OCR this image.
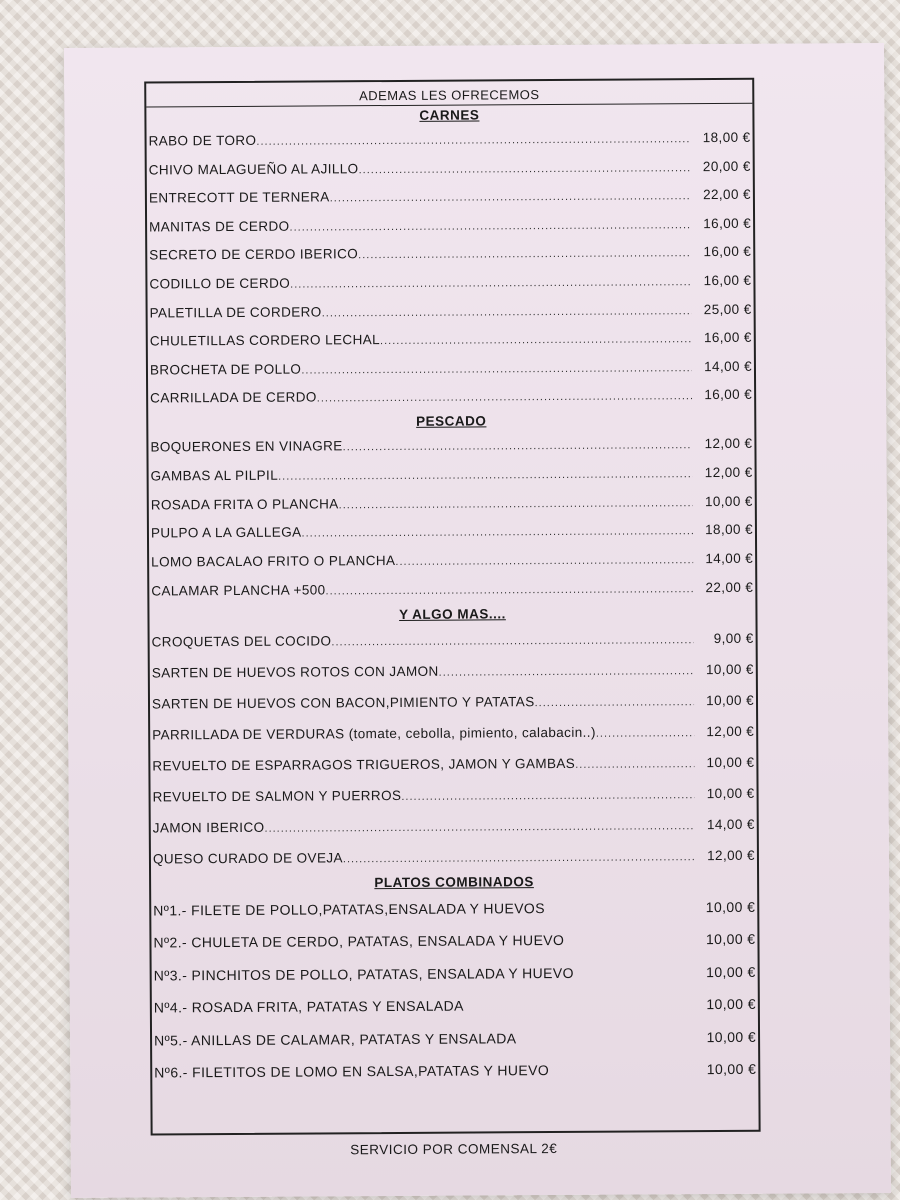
ADEMAS LES OFRECEMOS
CARNES
RABO DE TORO .....	18,00 €
CHIVO MALAGUEÑO AL AJILLO .....	20,00 €
ENTRECOTT DE TERNERA .....	22,00 €
MANITAS DE CERDO .....	16,00 €
SECRETO DE CERDO IBERICO .....	16,00 €
CODILLO DE CERDO .....	16,00 €
PALETILLA DE CORDERO .....	25,00 €
CHULETILLAS CORDERO LECHAL .....	16,00 €
BROCHETA DE POLLO .....	14,00 €
CARRILLADA DE CERDO .....	16,00 €
PESCADO
BOQUERONES EN VINAGRE .....	12,00 €
GAMBAS AL PILPIL .....	12,00 €
ROSADA FRITA O PLANCHA .....	10,00 €
PULPO A LA GALLEGA .....	18,00 €
LOMO BACALAO FRITO O PLANCHA .....	14,00 €
CALAMAR PLANCHA +500 .....	22,00 €
Y ALGO MAS....
CROQUETAS DEL COCIDO .....	9,00 €
SARTEN DE HUEVOS ROTOS CON JAMON .....	10,00 €
SARTEN DE HUEVOS CON BACON,PIMIENTO Y PATATAS .....	10,00 €
PARRILLADA DE VERDURAS (tomate, cebolla, pimiento, calabacin..) .....	12,00 €
REVUELTO DE ESPARRAGOS TRIGUEROS, JAMON Y GAMBAS .....	10,00 €
REVUELTO DE SALMON Y PUERROS .....	10,00 €
JAMON IBERICO .....	14,00 €
QUESO CURADO DE OVEJA .....	12,00 €
PLATOS COMBINADOS
Nº1.- FILETE DE POLLO,PATATAS,ENSALADA Y HUEVOS	10,00 €
Nº2.- CHULETA DE CERDO, PATATAS, ENSALADA Y HUEVO	10,00 €
Nº3.- PINCHITOS DE POLLO, PATATAS, ENSALADA Y HUEVO	10,00 €
Nº4.- ROSADA FRITA, PATATAS Y ENSALADA	10,00 €
Nº5.- ANILLAS DE CALAMAR, PATATAS Y ENSALADA	10,00 €
Nº6.- FILETITOS DE LOMO EN SALSA,PATATAS Y HUEVO	10,00 €
SERVICIO POR COMENSAL 2€
